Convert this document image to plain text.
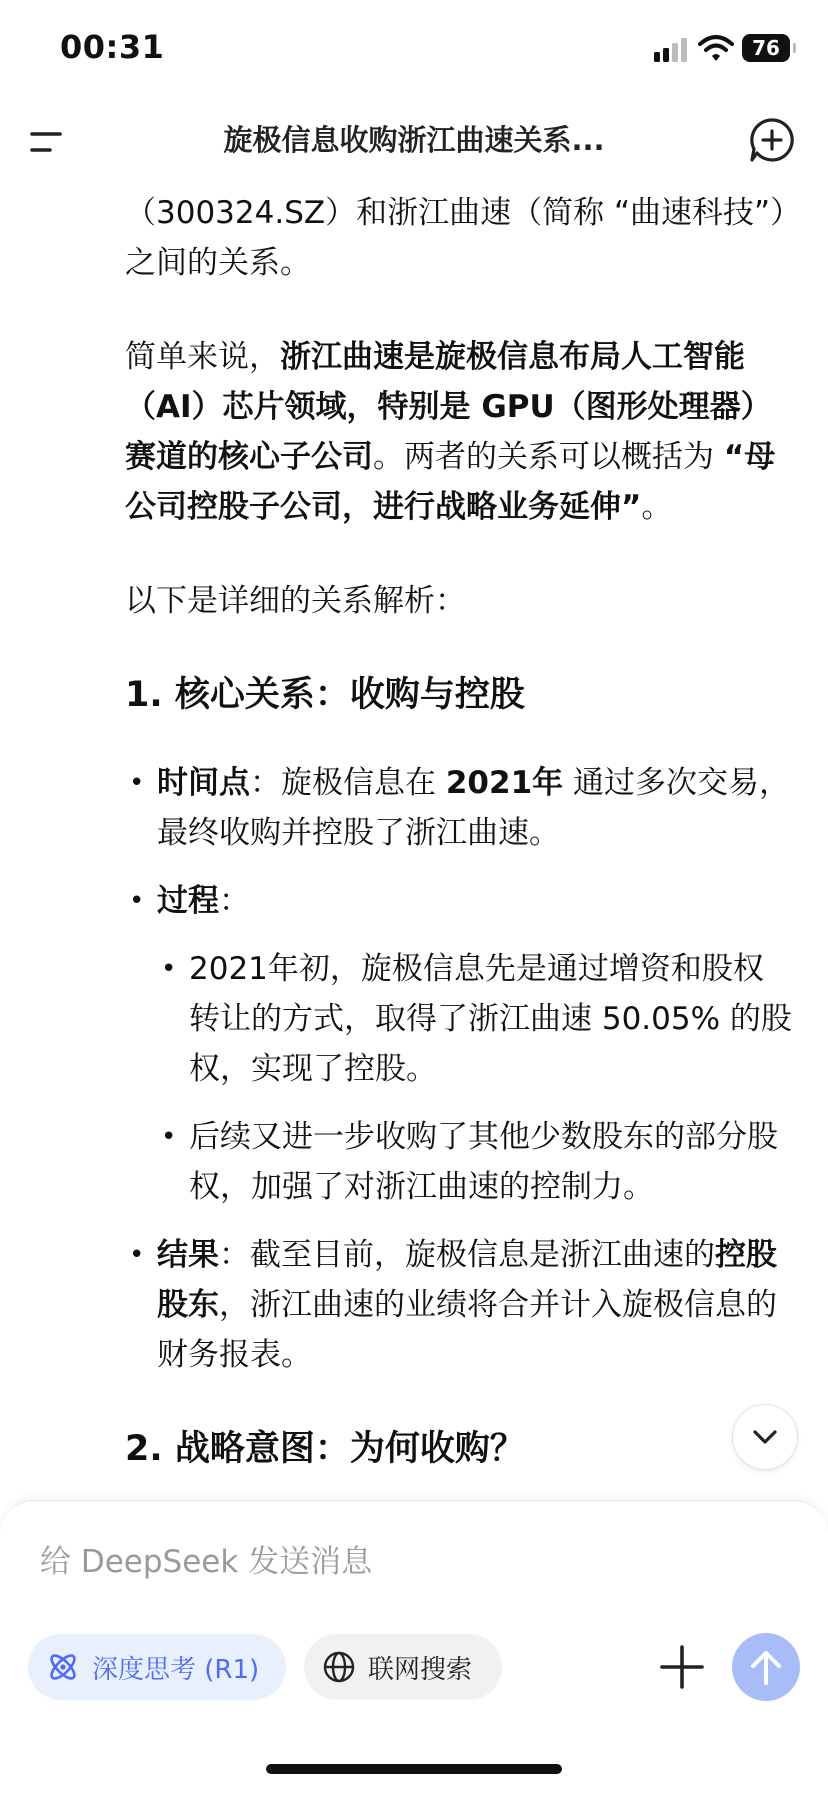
00:31	76
旋极信息收购浙江曲速关系...

（300324.SZ）和浙江曲速（简称 “曲速科技”）之间的关系。

简单来说，浙江曲速是旋极信息布局人工智能（AI）芯片领域，特别是 GPU（图形处理器）赛道的核心子公司。两者的关系可以概括为 “母公司控股子公司，进行战略业务延伸”。

以下是详细的关系解析：

1. 核心关系：收购与控股
• 时间点：旋极信息在 2021年 通过多次交易，最终收购并控股了浙江曲速。
• 过程：
• 2021年初，旋极信息先是通过增资和股权转让的方式，取得了浙江曲速 50.05% 的股权，实现了控股。
• 后续又进一步收购了其他少数股东的部分股权，加强了对浙江曲速的控制力。
• 结果：截至目前，旋极信息是浙江曲速的控股股东，浙江曲速的业绩将合并计入旋极信息的财务报表。
2. 战略意图：为何收购？
给 DeepSeek 发送消息
深度思考 (R1)	联网搜索
